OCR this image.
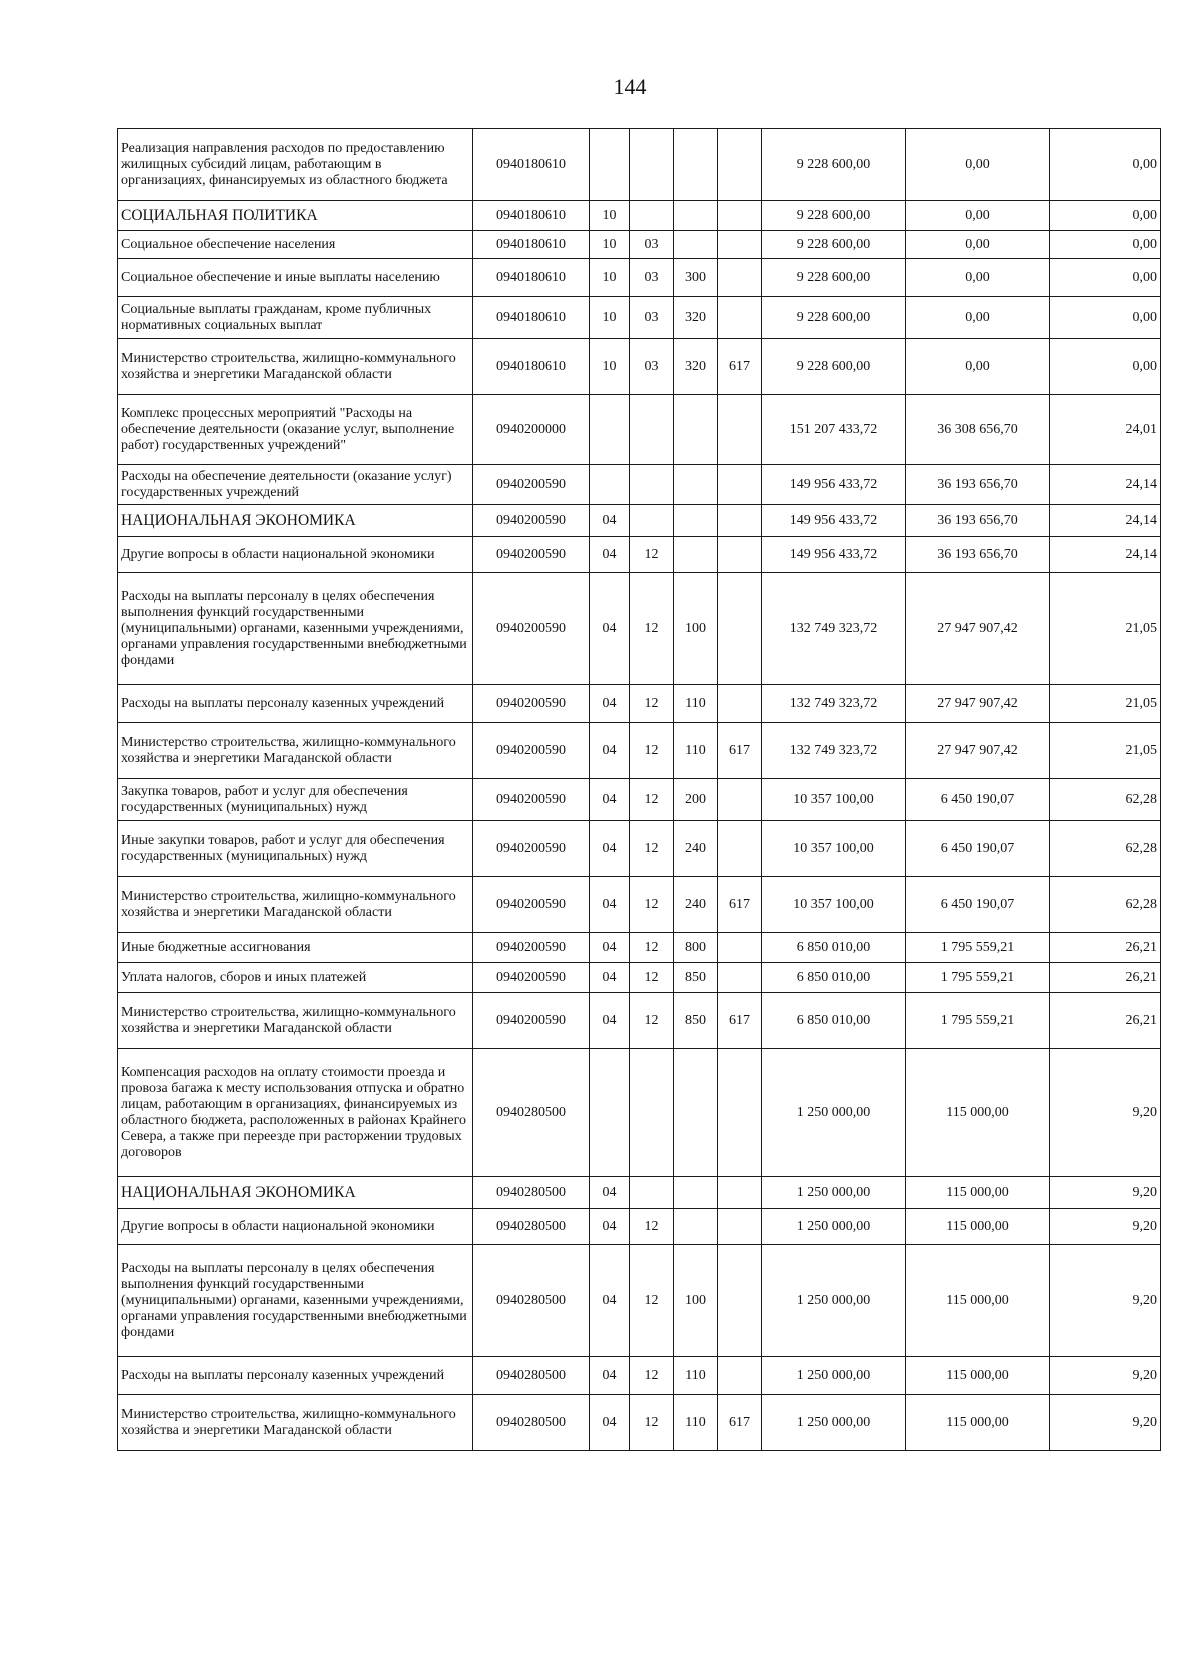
144
Реализация направления расходов по предоставлению жилищных субсидий лицам, работающим в организациях, финансируемых из областного бюджета	0940180610					9 228 600,00	0,00	0,00
СОЦИАЛЬНАЯ ПОЛИТИКА	0940180610	10				9 228 600,00	0,00	0,00
Социальное обеспечение населения	0940180610	10	03			9 228 600,00	0,00	0,00
Социальное обеспечение и иные выплаты населению	0940180610	10	03	300		9 228 600,00	0,00	0,00
Социальные выплаты гражданам, кроме публичных нормативных социальных выплат	0940180610	10	03	320		9 228 600,00	0,00	0,00
Министерство строительства, жилищно-коммунального хозяйства и энергетики Магаданской области	0940180610	10	03	320	617	9 228 600,00	0,00	0,00
Комплекс процессных мероприятий "Расходы на обеспечение деятельности (оказание услуг, выполнение работ) государственных учреждений"	0940200000					151 207 433,72	36 308 656,70	24,01
Расходы на обеспечение деятельности (оказание услуг) государственных учреждений	0940200590					149 956 433,72	36 193 656,70	24,14
НАЦИОНАЛЬНАЯ ЭКОНОМИКА	0940200590	04				149 956 433,72	36 193 656,70	24,14
Другие вопросы в области национальной экономики	0940200590	04	12			149 956 433,72	36 193 656,70	24,14
Расходы на выплаты персоналу в целях обеспечения выполнения функций государственными (муниципальными) органами, казенными учреждениями, органами управления государственными внебюджетными фондами	0940200590	04	12	100		132 749 323,72	27 947 907,42	21,05
Расходы на выплаты персоналу казенных учреждений	0940200590	04	12	110		132 749 323,72	27 947 907,42	21,05
Министерство строительства, жилищно-коммунального хозяйства и энергетики Магаданской области	0940200590	04	12	110	617	132 749 323,72	27 947 907,42	21,05
Закупка товаров, работ и услуг для обеспечения государственных (муниципальных) нужд	0940200590	04	12	200		10 357 100,00	6 450 190,07	62,28
Иные закупки товаров, работ и услуг для обеспечения государственных (муниципальных) нужд	0940200590	04	12	240		10 357 100,00	6 450 190,07	62,28
Министерство строительства, жилищно-коммунального хозяйства и энергетики Магаданской области	0940200590	04	12	240	617	10 357 100,00	6 450 190,07	62,28
Иные бюджетные ассигнования	0940200590	04	12	800		6 850 010,00	1 795 559,21	26,21
Уплата налогов, сборов и иных платежей	0940200590	04	12	850		6 850 010,00	1 795 559,21	26,21
Министерство строительства, жилищно-коммунального хозяйства и энергетики Магаданской области	0940200590	04	12	850	617	6 850 010,00	1 795 559,21	26,21
Компенсация расходов на оплату стоимости проезда и провоза багажа к месту использования отпуска и обратно лицам, работающим в организациях, финансируемых из областного бюджета, расположенных в районах Крайнего Севера, а также при переезде при расторжении трудовых договоров	0940280500					1 250 000,00	115 000,00	9,20
НАЦИОНАЛЬНАЯ ЭКОНОМИКА	0940280500	04				1 250 000,00	115 000,00	9,20
Другие вопросы в области национальной экономики	0940280500	04	12			1 250 000,00	115 000,00	9,20
Расходы на выплаты персоналу в целях обеспечения выполнения функций государственными (муниципальными) органами, казенными учреждениями, органами управления государственными внебюджетными фондами	0940280500	04	12	100		1 250 000,00	115 000,00	9,20
Расходы на выплаты персоналу казенных учреждений	0940280500	04	12	110		1 250 000,00	115 000,00	9,20
Министерство строительства, жилищно-коммунального хозяйства и энергетики Магаданской области	0940280500	04	12	110	617	1 250 000,00	115 000,00	9,20
